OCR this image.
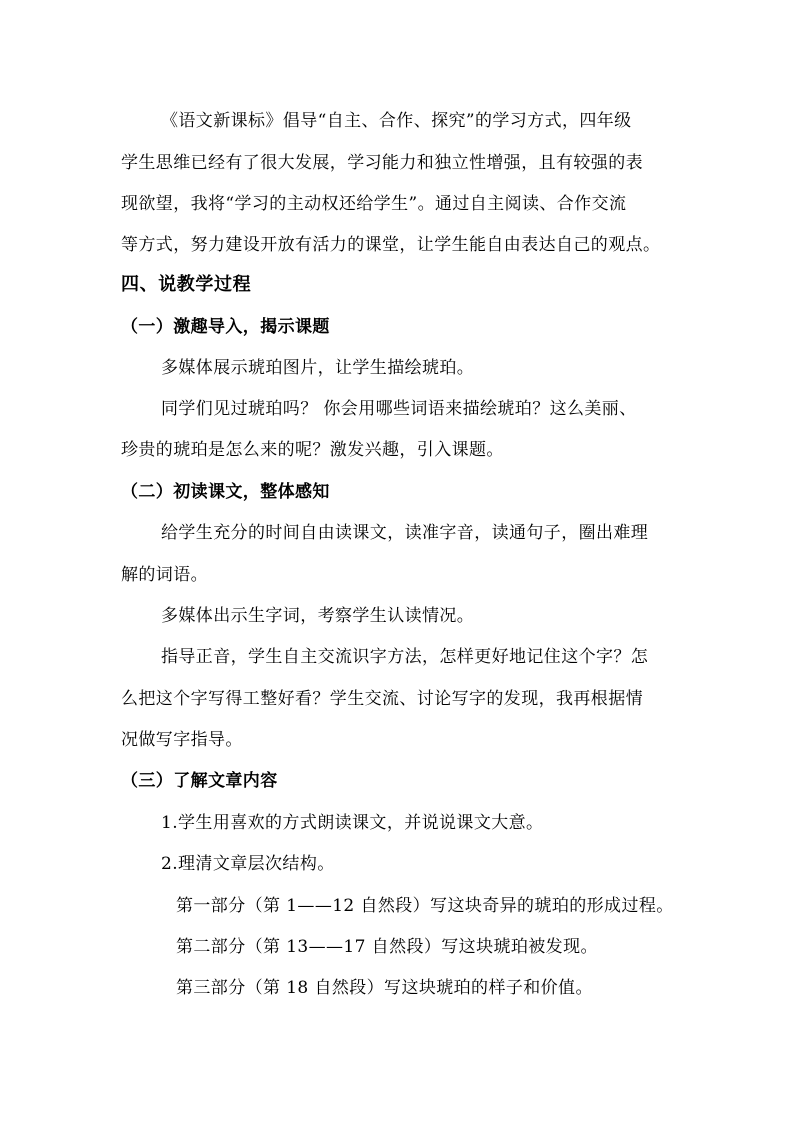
《语文新课标》倡导“自主、合作、探究”的学习方式，四年级
学生思维已经有了很大发展，学习能力和独立性增强，且有较强的表
现欲望，我将“学习的主动权还给学生”。通过自主阅读、合作交流
等方式，努力建设开放有活力的课堂，让学生能自由表达自己的观点。
四、说教学过程
（一）激趣导入，揭示课题
多媒体展示琥珀图片，让学生描绘琥珀。
同学们见过琥珀吗？ 你会用哪些词语来描绘琥珀？这么美丽、
珍贵的琥珀是怎么来的呢？激发兴趣，引入课题。
（二）初读课文，整体感知
给学生充分的时间自由读课文，读准字音，读通句子，圈出难理
解的词语。
多媒体出示生字词，考察学生认读情况。
指导正音，学生自主交流识字方法，怎样更好地记住这个字？怎
么把这个字写得工整好看？学生交流、讨论写字的发现，我再根据情
况做写字指导。
（三）了解文章内容
1.学生用喜欢的方式朗读课文，并说说课文大意。
2.理清文章层次结构。
第一部分（第 1——12 自然段）写这块奇异的琥珀的形成过程。
第二部分（第 13——17 自然段）写这块琥珀被发现。
第三部分（第 18 自然段）写这块琥珀的样子和价值。
